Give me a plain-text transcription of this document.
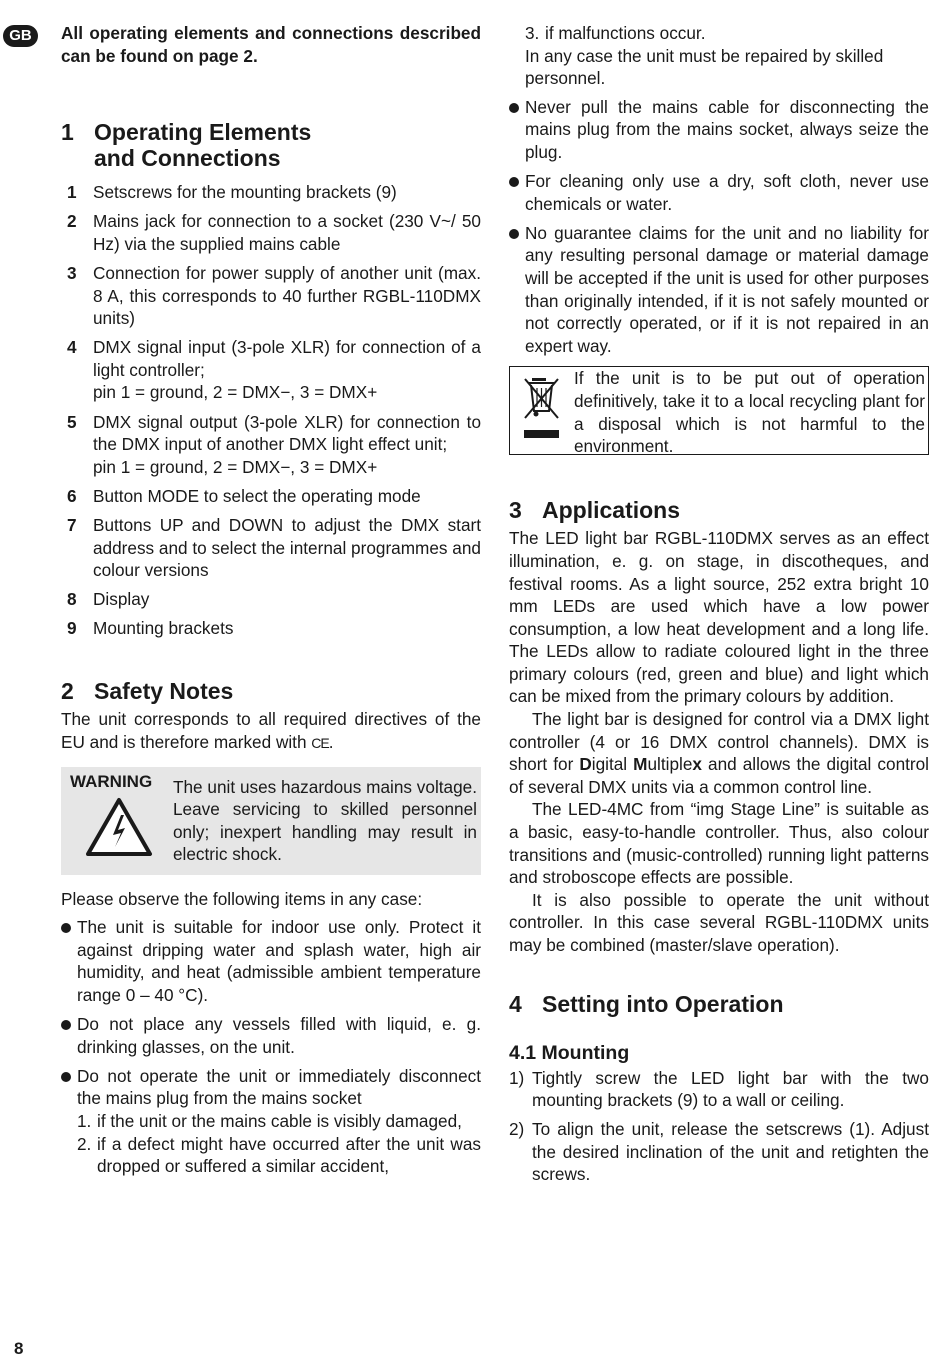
GB	All operating elements and connections described can be found on page 2.

1 Operating Elements
and Connections
1 Setscrews for the mounting brackets (9)
2 Mains jack for connection to a socket (230 V~/ 50 Hz) via the supplied mains cable
3 Connection for power supply of another unit (max. 8 A, this corresponds to 40 further RGBL-110DMX units)
4 DMX signal input (3-pole XLR) for connection of a light controller;
pin 1 = ground, 2 = DMX−, 3 = DMX+
5 DMX signal output (3-pole XLR) for connection to the DMX input of another DMX light effect unit;
pin 1 = ground, 2 = DMX−, 3 = DMX+
6 Button MODE to select the operating mode
7 Buttons UP and DOWN to adjust the DMX start address and to select the internal programmes and colour versions
8 Display
9 Mounting brackets
2 Safety Notes

The unit corresponds to all required directives of the EU and is therefore marked with CE.

WARNING The unit uses hazardous mains voltage. Leave servicing to skilled personnel only; inexpert handling may result in electric shock.

Please observe the following items in any case:

The unit is suitable for indoor use only. Protect it against dripping water and splash water, high air humidity, and heat (admissible ambient temperature range 0 – 40 °C).
Do not place any vessels filled with liquid, e. g. drinking glasses, on the unit.
Do not operate the unit or immediately disconnect the mains plug from the mains socket
1. if the unit or the mains cable is visibly damaged,
2. if a defect might have occurred after the unit was dropped or suffered a similar accident,
3. if malfunctions occur.

In any case the unit must be repaired by skilled personnel.

Never pull the mains cable for disconnecting the mains plug from the mains socket, always seize the plug.
For cleaning only use a dry, soft cloth, never use chemicals or water.
No guarantee claims for the unit and no liability for any resulting personal damage or material damage will be accepted if the unit is used for other purposes than originally intended, if it is not safely mounted or not correctly operated, or if it is not repaired in an expert way.

If the unit is to be put out of operation definitively, take it to a local recycling plant for a disposal which is not harmful to the environment.

3 Applications

The LED light bar RGBL-110DMX serves as an effect illumination, e. g. on stage, in discotheques, and festival rooms. As a light source, 252 extra bright 10 mm LEDs are used which have a low power consumption, a low heat development and a long life. The LEDs allow to radiate coloured light in the three primary colours (red, green and blue) and light which can be mixed from the primary colours by addition.

The light bar is designed for control via a DMX light controller (4 or 16 DMX control channels). DMX is short for Digital Multiplex and allows the digital control of several DMX units via a common control line.

The LED-4MC from “img Stage Line” is suitable as a basic, easy-to-handle controller. Thus, also colour transitions and (music-controlled) running light patterns and stroboscope effects are possible.

It is also possible to operate the unit without controller. In this case several RGBL-110DMX units may be combined (master/slave operation).

4 Setting into Operation
4.1 Mounting
1) Tightly screw the LED light bar with the two mounting brackets (9) to a wall or ceiling.
2) To align the unit, release the setscrews (1). Adjust the desired inclination of the unit and retighten the screws.
8
